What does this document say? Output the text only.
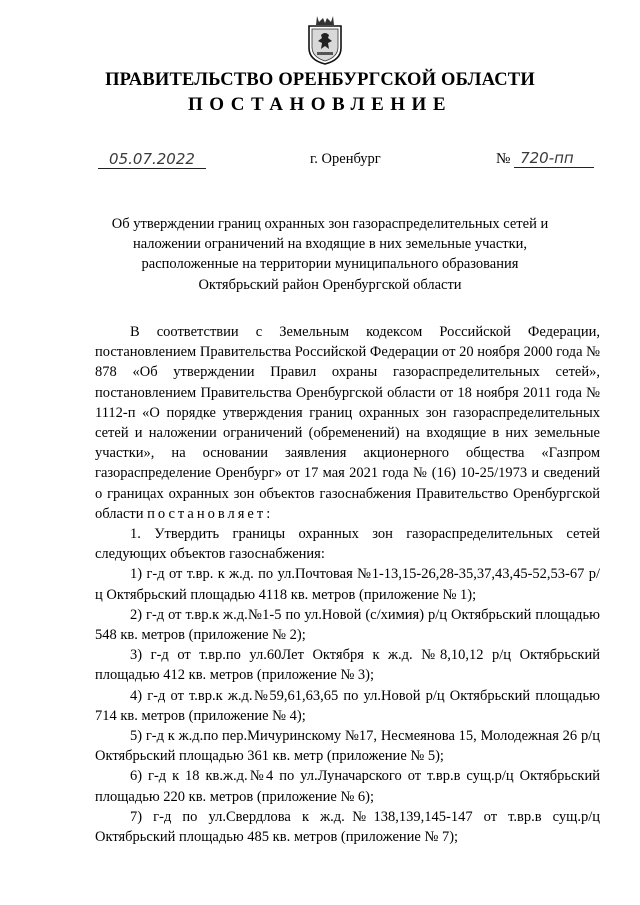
ПРАВИТЕЛЬСТВО ОРЕНБУРГСКОЙ ОБЛАСТИ
ПОСТАНОВЛЕНИЕ
05.07.2022	г. Оренбург	№ 720-пп
Об утверждении границ охранных зон газораспределительных сетей и наложении ограничений на входящие в них земельные участки, расположенные на территории муниципального образования Октябрьский район Оренбургской области

В соответствии с Земельным кодексом Российской Федерации, постановлением Правительства Российской Федерации от 20 ноября 2000 года № 878 «Об утверждении Правил охраны газораспределительных сетей», постановлением Правительства Оренбургской области от 18 ноября 2011 года № 1112-п «О порядке утверждения границ охранных зон газораспределительных сетей и наложении ограничений (обременений) на входящие в них земельные участки», на основании заявления акционерного общества «Газпром газораспределение Оренбург» от 17 мая 2021 года № (16) 10-25/1973 и сведений о границах охранных зон объектов газоснабжения Правительство Оренбургской области постановляет:

1. Утвердить границы охранных зон газораспределительных сетей следующих объектов газоснабжения:

1) г-д от т.вр. к ж.д. по ул.Почтовая №1-13,15-26,28-35,37,43,45-52,53-67 р/ц Октябрьский площадью 4118 кв. метров (приложение № 1);

2) г-д от т.вр.к ж.д.№1-5 по ул.Новой (с/химия) р/ц Октябрьский площадью 548 кв. метров (приложение № 2);

3) г-д от т.вр.по ул.60Лет Октября к ж.д. №8,10,12 р/ц Октябрьский площадью 412 кв. метров (приложение № 3);

4) г-д от т.вр.к ж.д.№59,61,63,65 по ул.Новой р/ц Октябрьский площадью 714 кв. метров (приложение № 4);

5) г-д к ж.д.по пер.Мичуринскому №17, Несмеянова 15, Молодежная 26 р/ц Октябрьский площадью 361 кв. метр (приложение № 5);

6) г-д к 18 кв.ж.д.№4 по ул.Луначарского от т.вр.в сущ.р/ц Октябрьский площадью 220 кв. метров (приложение № 6);

7) г-д по ул.Свердлова к ж.д.№138,139,145-147 от т.вр.в сущ.р/ц Октябрьский площадью 485 кв. метров (приложение № 7);
